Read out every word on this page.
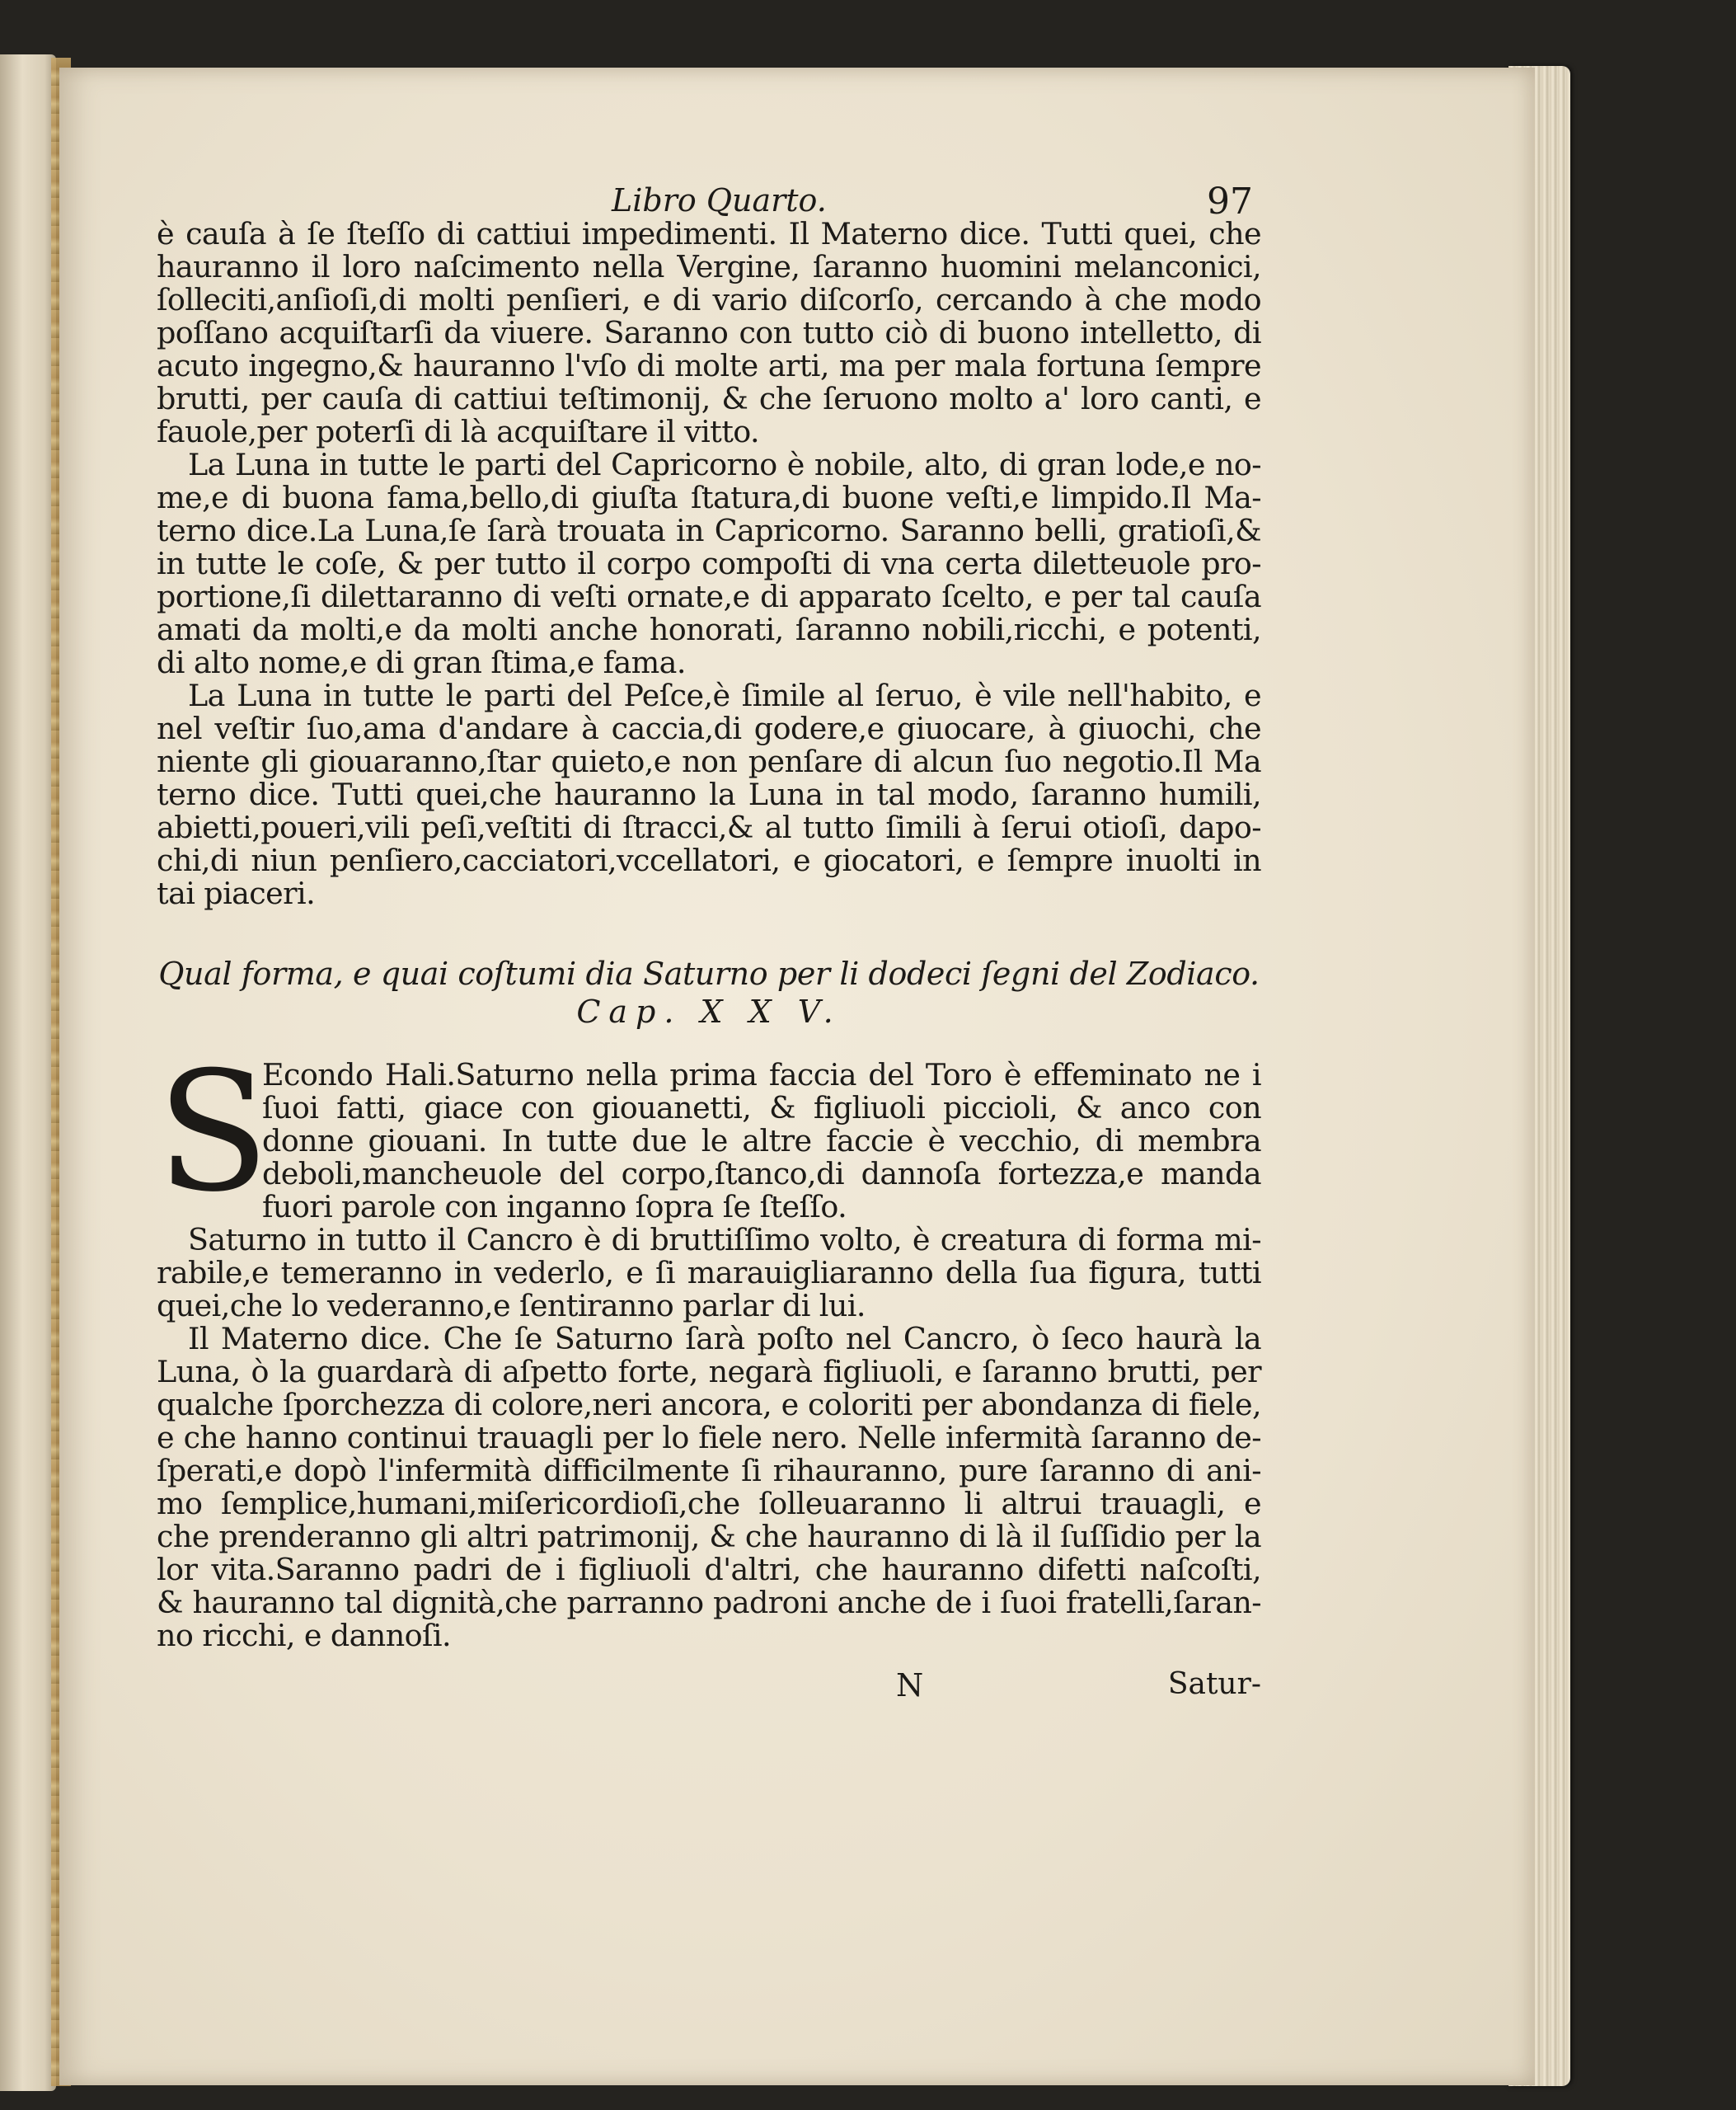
Libro Quarto.	97
è cauſa à ſe ſteſſo di cattiui impedimenti. Il Materno dice. Tutti quei, che
hauranno il loro naſcimento nella Vergine, ſaranno huomini melanconici,
ſolleciti,anſioſi,di molti penſieri, e di vario diſcorſo, cercando à che modo
poſſano acquiſtarſi da viuere. Saranno con tutto ciò di buono intelletto, di
acuto ingegno,& hauranno l'vſo di molte arti, ma per mala fortuna ſempre
brutti, per cauſa di cattiui teſtimonij, & che ſeruono molto a' loro canti, e
fauole,per poterſi di là acquiſtare il vitto.
La Luna in tutte le parti del Capricorno è nobile, alto, di gran lode,e no-
me,e di buona fama,bello,di giuſta ſtatura,di buone veſti,e limpido.Il Ma-
terno dice.La Luna,ſe ſarà trouata in Capricorno. Saranno belli, gratioſi,&
in tutte le coſe, & per tutto il corpo compoſti di vna certa diletteuole pro-
portione,ſi dilettaranno di veſti ornate,e di apparato ſcelto, e per tal cauſa
amati da molti,e da molti anche honorati, ſaranno nobili,ricchi, e potenti,
di alto nome,e di gran ſtima,e fama.
La Luna in tutte le parti del Peſce,è ſimile al ſeruo, è vile nell'habito, e
nel veſtir ſuo,ama d'andare à caccia,di godere,e giuocare, à giuochi, che
niente gli giouaranno,ſtar quieto,e non penſare di alcun ſuo negotio.Il Ma
terno dice. Tutti quei,che hauranno la Luna in tal modo, ſaranno humili,
abietti,poueri,vili peſi,veſtiti di ſtracci,& al tutto ſimili à ſerui otioſi, dapo-
chi,di niun penſiero,cacciatori,vccellatori, e giocatori, e ſempre inuolti in
tai piaceri.
Qual forma, e quai coſtumi dia Saturno per li dodeci ſegni del Zodiaco.
Cap. X X V.
S
Econdo Hali.Saturno nella prima faccia del Toro è effeminato ne i
ſuoi fatti, giace con giouanetti, & figliuoli piccioli, & anco con
donne giouani. In tutte due le altre faccie è vecchio, di membra
deboli,mancheuole del corpo,ſtanco,di dannoſa fortezza,e manda
fuori parole con inganno ſopra ſe ſteſſo.
Saturno in tutto il Cancro è di bruttiſſimo volto, è creatura di forma mi-
rabile,e temeranno in vederlo, e ſi marauigliaranno della ſua figura, tutti
quei,che lo vederanno,e ſentiranno parlar di lui.
Il Materno dice. Che ſe Saturno ſarà poſto nel Cancro, ò ſeco haurà la
Luna, ò la guardarà di aſpetto forte, negarà figliuoli, e ſaranno brutti, per
qualche ſporchezza di colore,neri ancora, e coloriti per abondanza di fiele,
e che hanno continui trauagli per lo fiele nero. Nelle infermità ſaranno de-
ſperati,e dopò l'infermità difficilmente ſi rihauranno, pure ſaranno di ani-
mo ſemplice,humani,miſericordioſi,che ſolleuaranno li altrui trauagli, e
che prenderanno gli altri patrimonij, & che hauranno di là il ſuſſidio per la
lor vita.Saranno padri de i figliuoli d'altri, che hauranno difetti naſcoſti,
& hauranno tal dignità,che parranno padroni anche de i ſuoi fratelli,ſaran-
no ricchi, e dannoſi.
N	Satur-
